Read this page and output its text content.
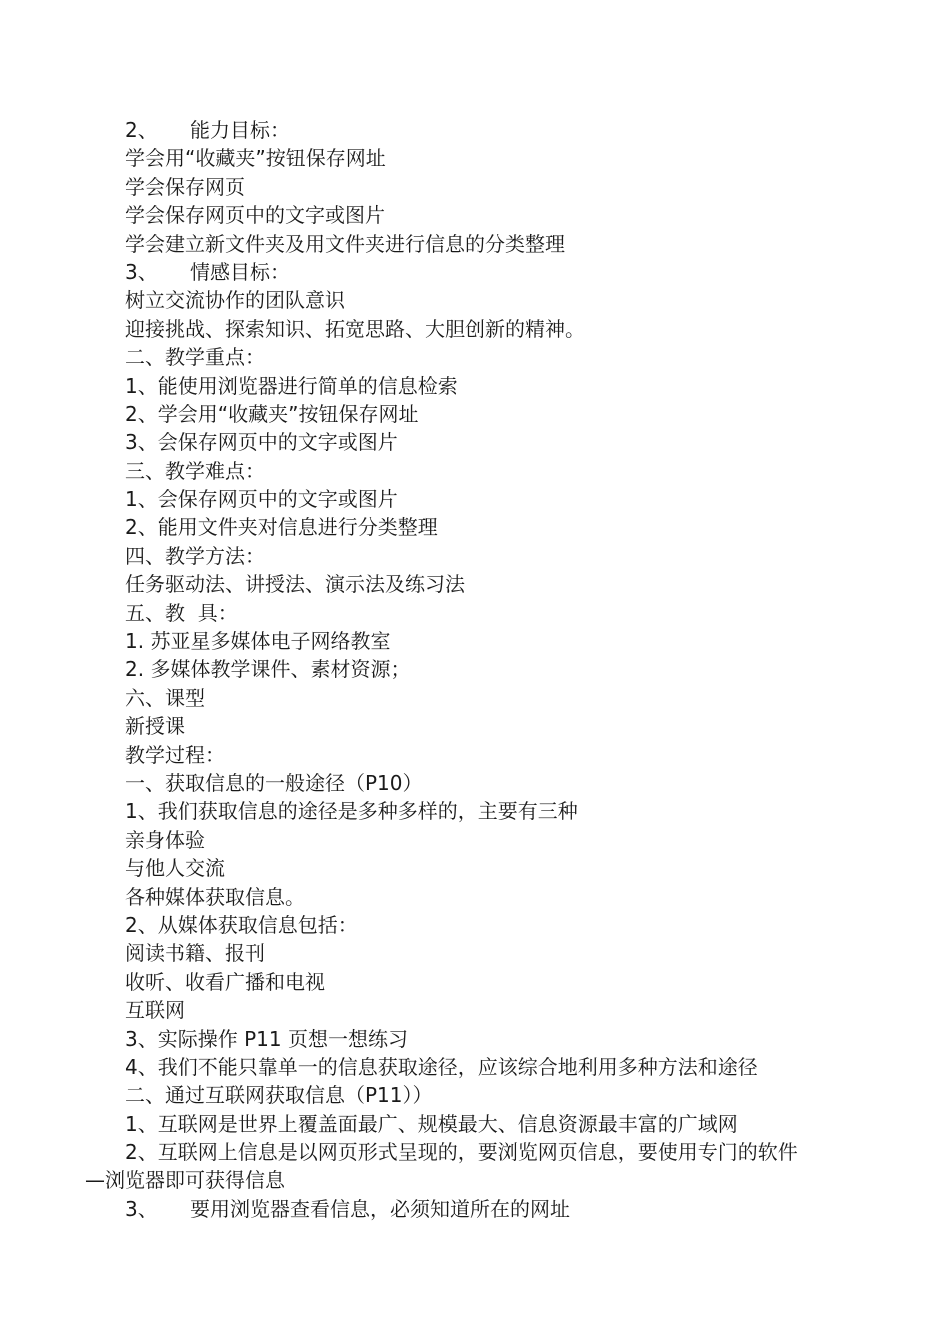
2、 能力目标：
学会用“收藏夹”按钮保存网址
学会保存网页
学会保存网页中的文字或图片
学会建立新文件夹及用文件夹进行信息的分类整理
3、 情感目标：
树立交流协作的团队意识
迎接挑战、探索知识、拓宽思路、大胆创新的精神。
二、教学重点：
1、能使用浏览器进行简单的信息检索
2、学会用“收藏夹”按钮保存网址
3、会保存网页中的文字或图片
三、教学难点：
1、会保存网页中的文字或图片
2、能用文件夹对信息进行分类整理
四、教学方法：
任务驱动法、讲授法、演示法及练习法
五、教  具：
1. 苏亚星多媒体电子网络教室
2. 多媒体教学课件、素材资源；
六、课型
新授课
教学过程：
一、获取信息的一般途径（P10）
1、我们获取信息的途径是多种多样的，主要有三种
亲身体验
与他人交流
各种媒体获取信息。
2、从媒体获取信息包括：
阅读书籍、报刊
收听、收看广播和电视
互联网
3、实际操作 P11 页想一想练习
4、我们不能只靠单一的信息获取途径，应该综合地利用多种方法和途径
二、通过互联网获取信息（P11））
1、互联网是世界上覆盖面最广、规模最大、信息资源最丰富的广域网
2、互联网上信息是以网页形式呈现的，要浏览网页信息，要使用专门的软件
—浏览器即可获得信息
3、 要用浏览器查看信息，必须知道所在的网址
